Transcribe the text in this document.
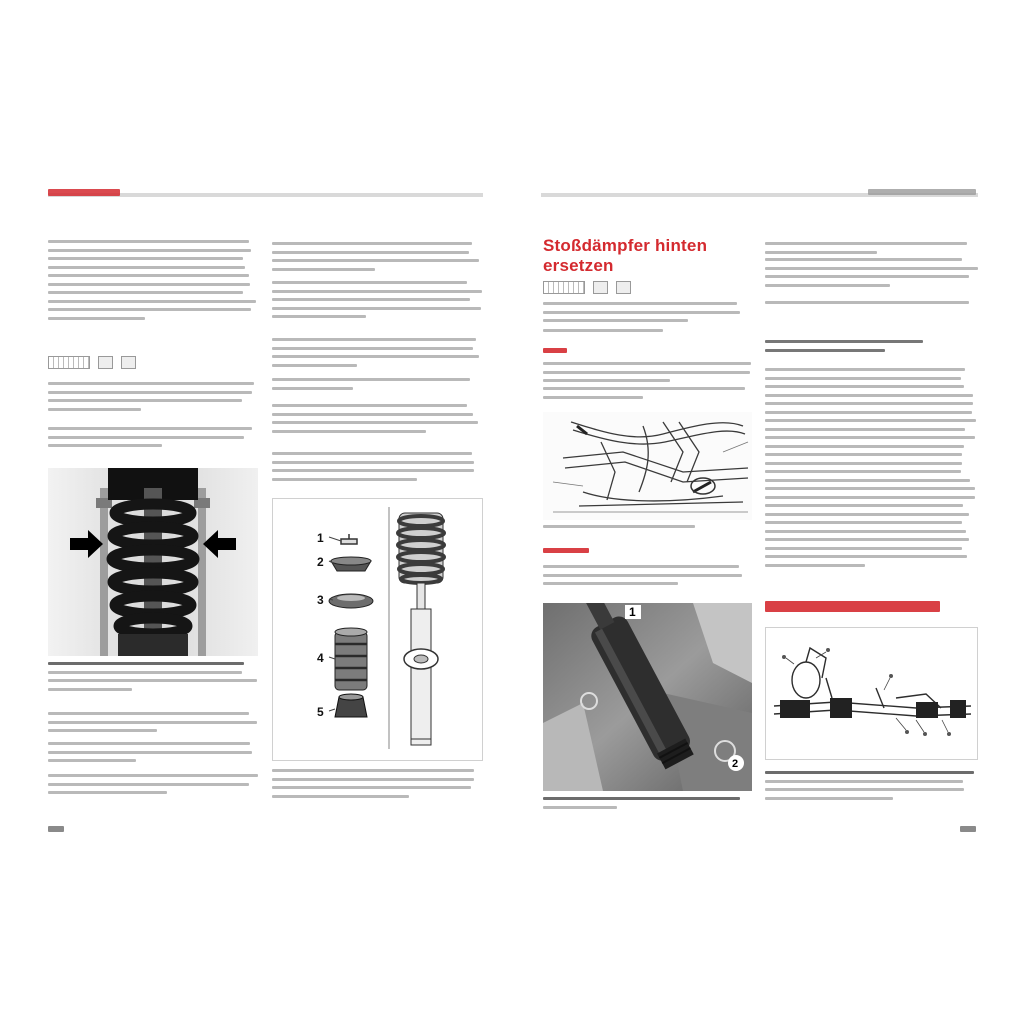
1
2
3
4
5
Stoßdämpfer hinten
ersetzen
1
2
